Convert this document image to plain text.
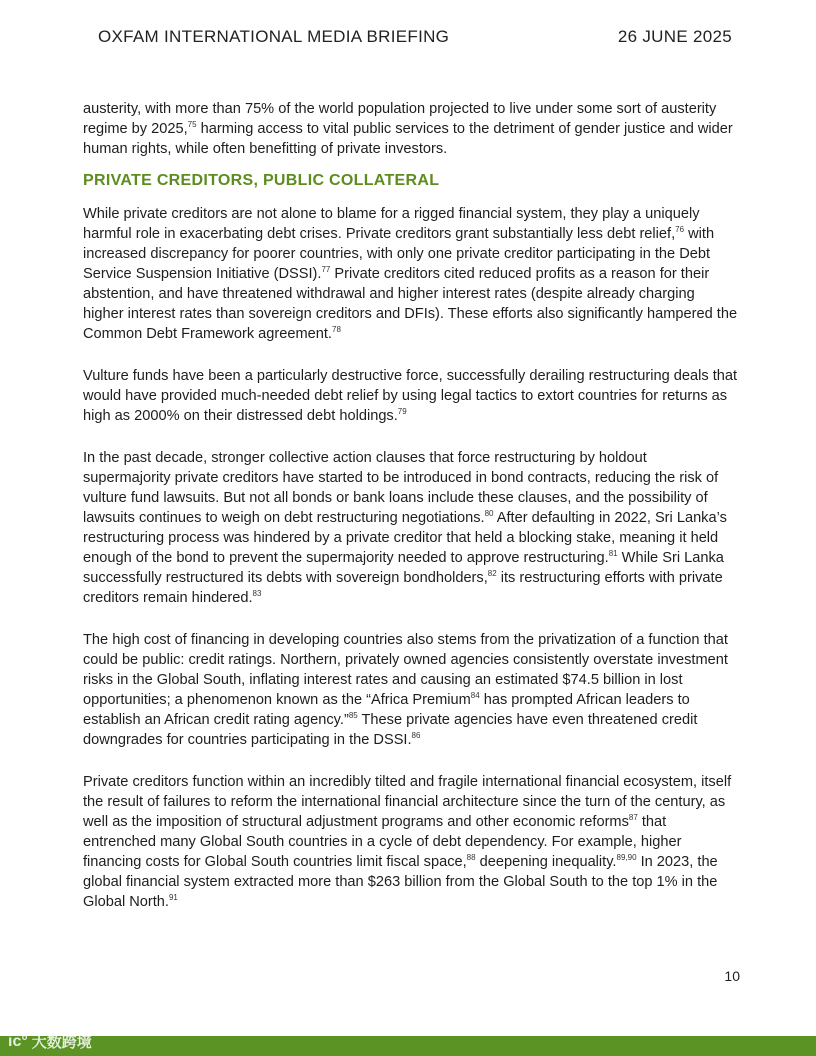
OXFAM INTERNATIONAL MEDIA BRIEFING	26 JUNE 2025

austerity, with more than 75% of the world population projected to live under some sort of austerity regime by 2025,75 harming access to vital public services to the detriment of gender justice and wider human rights, while often benefitting of private investors.

PRIVATE CREDITORS, PUBLIC COLLATERAL

While private creditors are not alone to blame for a rigged financial system, they play a uniquely harmful role in exacerbating debt crises. Private creditors grant substantially less debt relief,$^{76}$ with increased discrepancy for poorer countries, with only one private creditor participating in the Debt Service Suspension Initiative (DSSI).$^{77}$ Private creditors cited reduced profits as a reason for their abstention, and have threatened withdrawal and higher interest rates (despite already charging higher interest rates than sovereign creditors and DFIs). These efforts also significantly hampered the Common Debt Framework agreement.$^{78}$

Vulture funds have been a particularly destructive force, successfully derailing restructuring deals that would have provided much-needed debt relief by using legal tactics to extort countries for returns as high as 2000% on their distressed debt holdings.$^{79}$

In the past decade, stronger collective action clauses that force restructuring by holdout supermajority private creditors have started to be introduced in bond contracts, reducing the risk of vulture fund lawsuits. But not all bonds or bank loans include these clauses, and the possibility of lawsuits continues to weigh on debt restructuring negotiations.$^{80}$ After defaulting in 2022, Sri Lanka’s restructuring process was hindered by a private creditor that held a blocking stake, meaning it held enough of the bond to prevent the supermajority needed to approve restructuring.$^{81}$ While Sri Lanka successfully restructured its debts with sovereign bondholders,$^{82}$ its restructuring efforts with private creditors remain hindered.$^{83}$

The high cost of financing in developing countries also stems from the privatization of a function that could be public: credit ratings. Northern, privately owned agencies consistently overstate investment risks in the Global South, inflating interest rates and causing an estimated $74.5 billion in lost opportunities; a phenomenon known as the “Africa Premium$^{84}$ has prompted African leaders to establish an African credit rating agency.”$^{85}$ These private agencies have even threatened credit downgrades for countries participating in the DSSI.$^{86}$

Private creditors function within an incredibly tilted and fragile international financial ecosystem, itself the result of failures to reform the international financial architecture since the turn of the century, as well as the imposition of structural adjustment programs and other economic reforms$^{87}$ that entrenched many Global South countries in a cycle of debt dependency. For example, higher financing costs for Global South countries limit fiscal space,$^{88}$ deepening inequality.$^{89,90}$ In 2023, the global financial system extracted more than $263 billion from the Global South to the top 1% in the Global North.$^{91}$

10
ic° 大数跨境
